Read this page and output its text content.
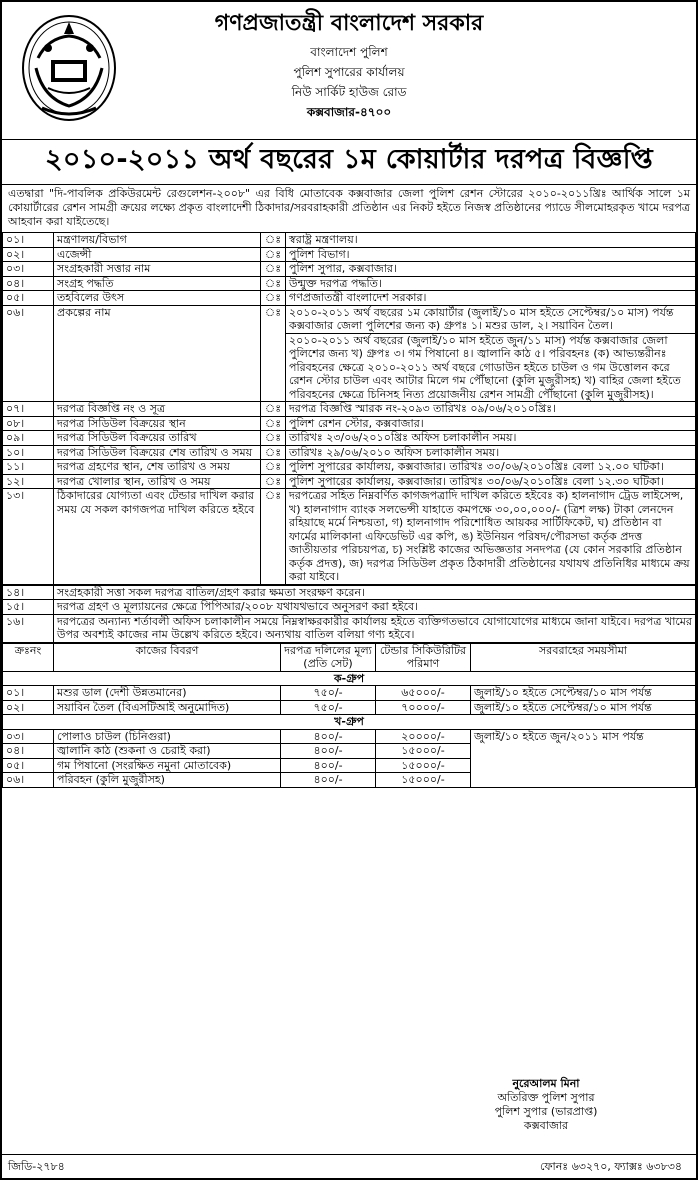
গণপ্রজাতন্ত্রী বাংলাদেশ সরকার
বাংলাদেশ পুলিশ
পুলিশ সুপারের কার্যালয়
নিউ সার্কিট হাউজ রোড
কক্সবাজার-৪৭০০
২০১০-২০১১ অর্থ বছরের ১ম কোয়ার্টার দরপত্র বিজ্ঞপ্তি
এতদ্বারা "দি-পাবলিক প্রকিউরমেন্ট রেগুলেশন-২০০৮" এর বিধি মোতাবেক কক্সবাজার জেলা পুলিশ রেশন স্টোরের ২০১০-২০১১খ্রিঃ আর্থিক সালে ১ম কোয়ার্টারের রেশন সামগ্রী ক্রয়ের লক্ষ্যে প্রকৃত বাংলাদেশী ঠিকাদার/সরবরাহকারী প্রতিষ্ঠান এর নিকট হইতে নিজস্ব প্রতিষ্ঠানের প্যাডে সীলমোহরকৃত খামে দরপত্র আহবান করা যাইতেছে।
০১।	মন্ত্রণালয়/বিভাগ	ঃ	স্বরাষ্ট্র মন্ত্রণালয়।

০২।	এজেন্সী	ঃ	পুলিশ বিভাগ।

০৩।	সংগ্রহকারী সত্তার নাম	ঃ	পুলিশ সুপার, কক্সবাজার।

০৪।	সংগ্রহ পদ্ধতি	ঃ	উন্মুক্ত দরপত্র পদ্ধতি।

০৫।	তহবিলের উৎস	ঃ	গণপ্রজাতন্ত্রী বাংলাদেশ সরকার।

০৬।	প্রকল্পের নাম	ঃ	২০১০-২০১১ অর্থ বছরের ১ম কোয়ার্টার (জুলাই/১০ মাস হইতে সেপ্টেম্বর/১০ মাস) পর্যন্ত কক্সবাজার জেলা পুলিশের জন্য ক) গ্রুপঃ ১। মশুর ডাল, ২। সয়াবিন তৈল।

২০১০-২০১১ অর্থ বছরের (জুলাই/১০ মাস হইতে জুন/১১ মাস) পর্যন্ত কক্সবাজার জেলা পুলিশের জন্য খ) গ্রুপঃ ৩। গম পিষানো ৪। জ্বালানি কাঠ ৫। পরিবহনঃ (ক) আভ্যন্তরীনঃ পরিবহনের ক্ষেত্রে ২০১০-২০১১ অর্থ বছরে গোডাউন হইতে চাউল ও গম উত্তোলন করে রেশন স্টোর চাউল এবং আটার মিলে গম পৌঁছানো (কুলি মুজুরীসহ) খ) বাহির জেলা হইতে পরিবহনের ক্ষেত্রে চিনিসহ নিত্য প্রয়োজনীয় রেশন সামগ্রী পৌঁছানো (কুলি মুজুরীসহ)।

০৭।	দরপত্র বিজ্ঞপ্তি নং ও সূত্র	ঃ	দরপত্র বিজ্ঞপ্তি স্মারক নং-২০৯৩ তারিখঃ ০৯/০৬/২০১০খ্রিঃ।

০৮।	দরপত্র সিডিউল বিক্রয়ের স্থান	ঃ	পুলিশ রেশন স্টোর, কক্সবাজার।

০৯।	দরপত্র সিডিউল বিক্রয়ের তারিখ	ঃ	তারিখঃ ২৩/০৬/২০১০খ্রিঃ অফিস চলাকালীন সময়।

১০।	দরপত্র সিডিউল বিক্রয়ের শেষ তারিখ ও সময়	ঃ	তারিখঃ ২৯/০৬/২০১০ অফিস চলাকালীন সময়।

১১।	দরপত্র গ্রহণের স্থান, শেষ তারিখ ও সময়	ঃ	পুলিশ সুপারের কার্যালয়, কক্সবাজার। তারিখঃ ৩০/০৬/২০১০খ্রিঃ বেলা ১২.০০ ঘটিকা।

১২।	দরপত্র খোলার স্থান, তারিখ ও সময়	ঃ	পুলিশ সুপারের কার্যালয়, কক্সবাজার। তারিখঃ ৩০/০৬/২০১০খ্রিঃ বেলা ১২.৩০ ঘটিকা।

১৩।	ঠিকাদারের যোগ্যতা এবং টেন্ডার দাখিল করার সময় যে সকল কাগজপত্র দাখিল করিতে হইবে	ঃ	দরপত্রের সহিত নিম্নবর্ণিত কাগজপত্রাদি দাখিল করিতে হইবেঃ ক) হালনাগাদ ট্রেড লাইসেন্স, খ) হালনাগাদ ব্যাংক সলভেন্সী যাহাতে কমপক্ষে ৩০,০০,০০০/- (ত্রিশ লক্ষ) টাকা লেনদেন রহিয়াছে মর্মে নিশ্চয়তা, গ) হালনাগাদ পরিশোধিত আয়কর সার্টিফিকেট, ঘ) প্রতিষ্ঠান বা ফার্মের মালিকানা এফিডেভিট এর কপি, ঙ) ইউনিয়ন পরিষদ/পৌরসভা কর্তৃক প্রদত্ত জাতীয়তার পরিচয়পত্র, চ) সংশ্লিষ্ট কাজের অভিজ্ঞতার সনদপত্র (যে কোন সরকারি প্রতিষ্ঠান কর্তৃক প্রদত্ত), জ) দরপত্র সিডিউল প্রকৃত ঠিকাদারী প্রতিষ্ঠানের যথাযথ প্রতিনিধির মাধ্যমে ক্রয় করা যাইবে।

১৪।	সংগ্রহকারী সত্তা সকল দরপত্র বাতিল/গ্রহণ করার ক্ষমতা সংরক্ষণ করেন।
১৫।	দরপত্র গ্রহণ ও মূল্যায়নের ক্ষেত্রে পিপিআর/২০০৮ যথাযথভাবে অনুসরণ করা হইবে।
১৬।	দরপত্রের অন্যান্য শর্তাবলী অফিস চলাকালীন সময়ে নিম্নস্বাক্ষরকারীর কার্যালয় হইতে ব্যক্তিগতভাবে যোগাযোগের মাধ্যমে জানা যাইবে। দরপত্র খামের উপর অবশ্যই কাজের নাম উল্লেখ করিতে হইবে। অন্যথায় বাতিল বলিয়া গণ্য হইবে।
ক্রঃনং	কাজের বিবরণ	দরপত্র দলিলের মূল্য (প্রতি সেট)	টেন্ডার সিকিউরিটির পরিমাণ	সরবরাহের সময়সীমা
ক-গ্রুপ				
০১।	মশুর ডাল (দেশী উন্নতমানের)	৭৫০/-	৬৫০০০/-	জুলাই/১০ হইতে সেপ্টেম্বর/১০ মাস পর্যন্ত
০২।	সয়াবিন তৈল (বিএসটিআই অনুমোদিত)	৭৫০/-	৭০০০০/-	জুলাই/১০ হইতে সেপ্টেম্বর/১০ মাস পর্যন্ত
খ-গ্রুপ				
০৩।	পোলাও চাউল (চিনিগুরা)	৪০০/-	২০০০০/-	জুলাই/১০ হইতে জুন/২০১১ মাস পর্যন্ত
০৪।	জ্বালানি কাঠ (শুকনা ও চেরাই করা)	৪০০/-	১৫০০০/-	
০৫।	গম পিষানো (সংরক্ষিত নমুনা মোতাবেক)	৪০০/-	১৫০০০/-	
০৬।	পরিবহন (কুলি মুজুরীসহ)	৪০০/-	১৫০০০/-	
নুরেআলম মিনা
অতিরিক্ত পুলিশ সুপার
পুলিশ সুপার (ভারপ্রাপ্ত)
কক্সবাজার
জিডি-২৭৮৪	ফোনঃ ৬৩২৭০, ফ্যাক্সঃ ৬৩৮৩৪
